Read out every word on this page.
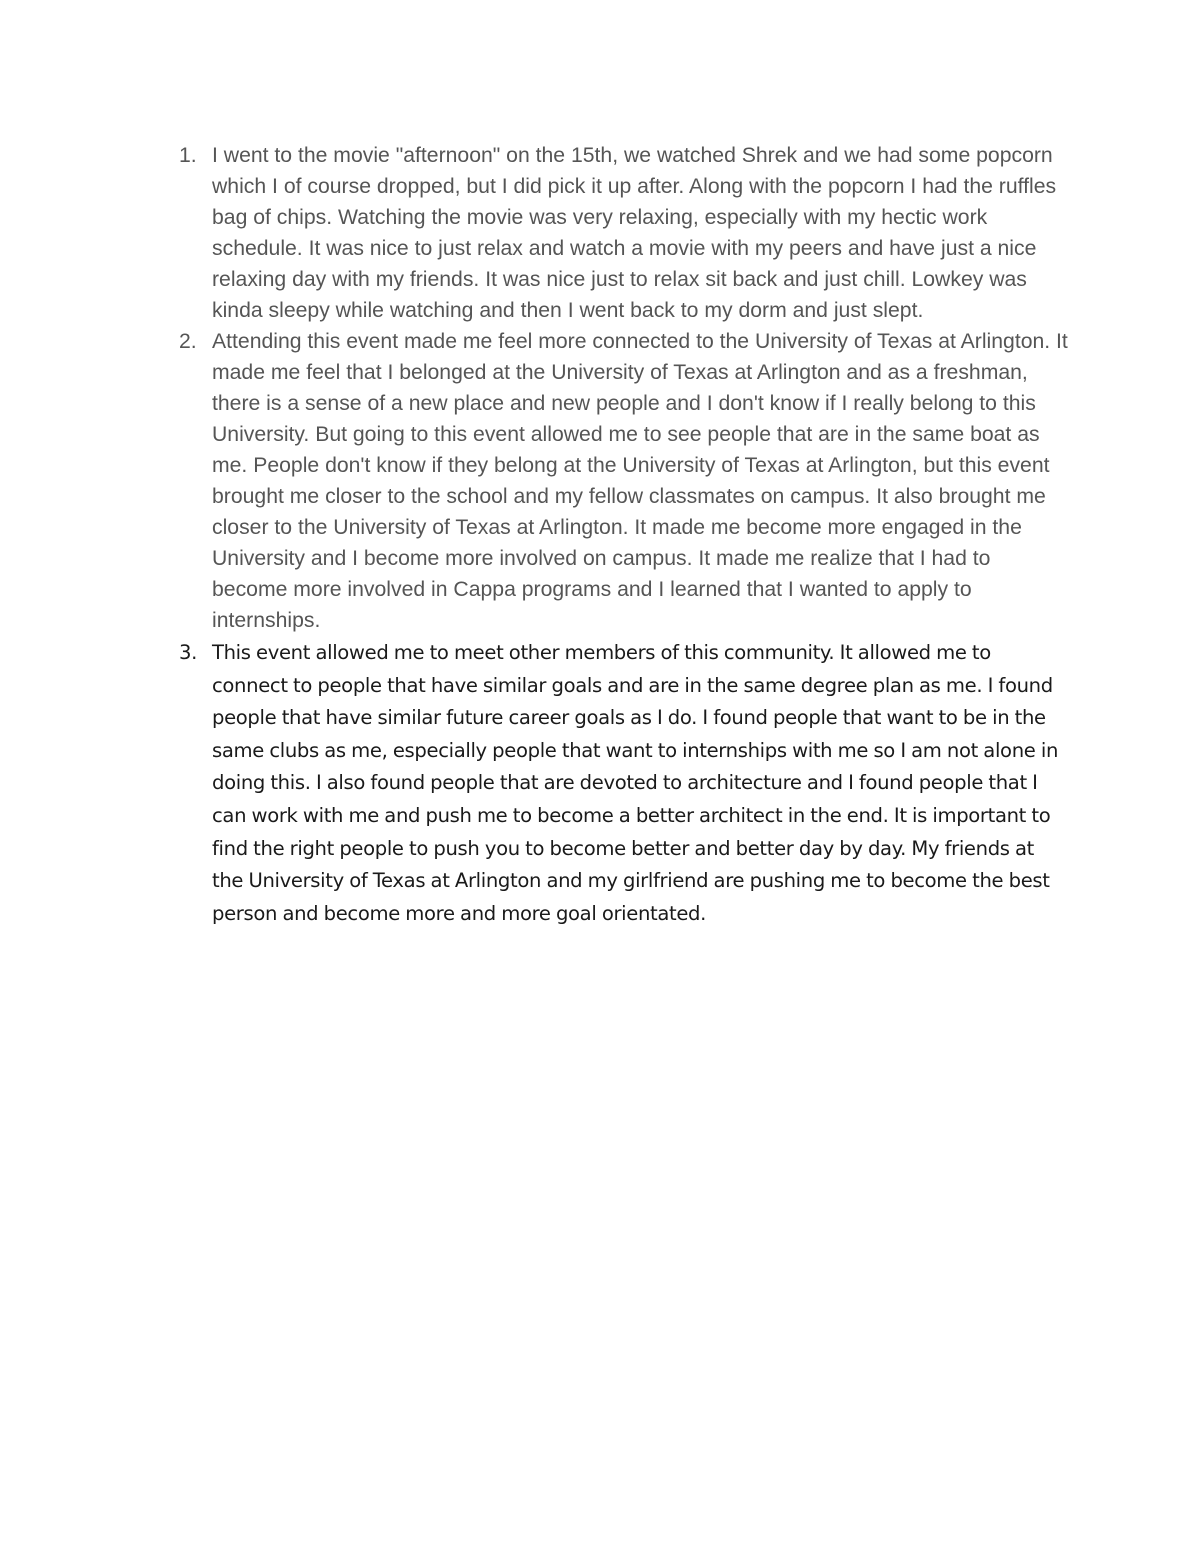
1. I went to the movie "afternoon" on the 15th, we watched Shrek and we had some popcorn which I of course dropped, but I did pick it up after. Along with the popcorn I had the ruffles bag of chips. Watching the movie was very relaxing, especially with my hectic work schedule. It was nice to just relax and watch a movie with my peers and have just a nice relaxing day with my friends. It was nice just to relax sit back and just chill. Lowkey was kinda sleepy while watching and then I went back to my dorm and just slept.

2. Attending this event made me feel more connected to the University of Texas at Arlington. It made me feel that I belonged at the University of Texas at Arlington and as a freshman, there is a sense of a new place and new people and I don't know if I really belong to this University. But going to this event allowed me to see people that are in the same boat as me. People don't know if they belong at the University of Texas at Arlington, but this event brought me closer to the school and my fellow classmates on campus. It also brought me closer to the University of Texas at Arlington. It made me become more engaged in the University and I become more involved on campus. It made me realize that I had to become more involved in Cappa programs and I learned that I wanted to apply to internships.

3. This event allowed me to meet other members of this community. It allowed me to connect to people that have similar goals and are in the same degree plan as me. I found people that have similar future career goals as I do. I found people that want to be in the same clubs as me, especially people that want to internships with me so I am not alone in doing this. I also found people that are devoted to architecture and I found people that I can work with me and push me to become a better architect in the end. It is important to find the right people to push you to become better and better day by day. My friends at the University of Texas at Arlington and my girlfriend are pushing me to become the best person and become more and more goal orientated.
